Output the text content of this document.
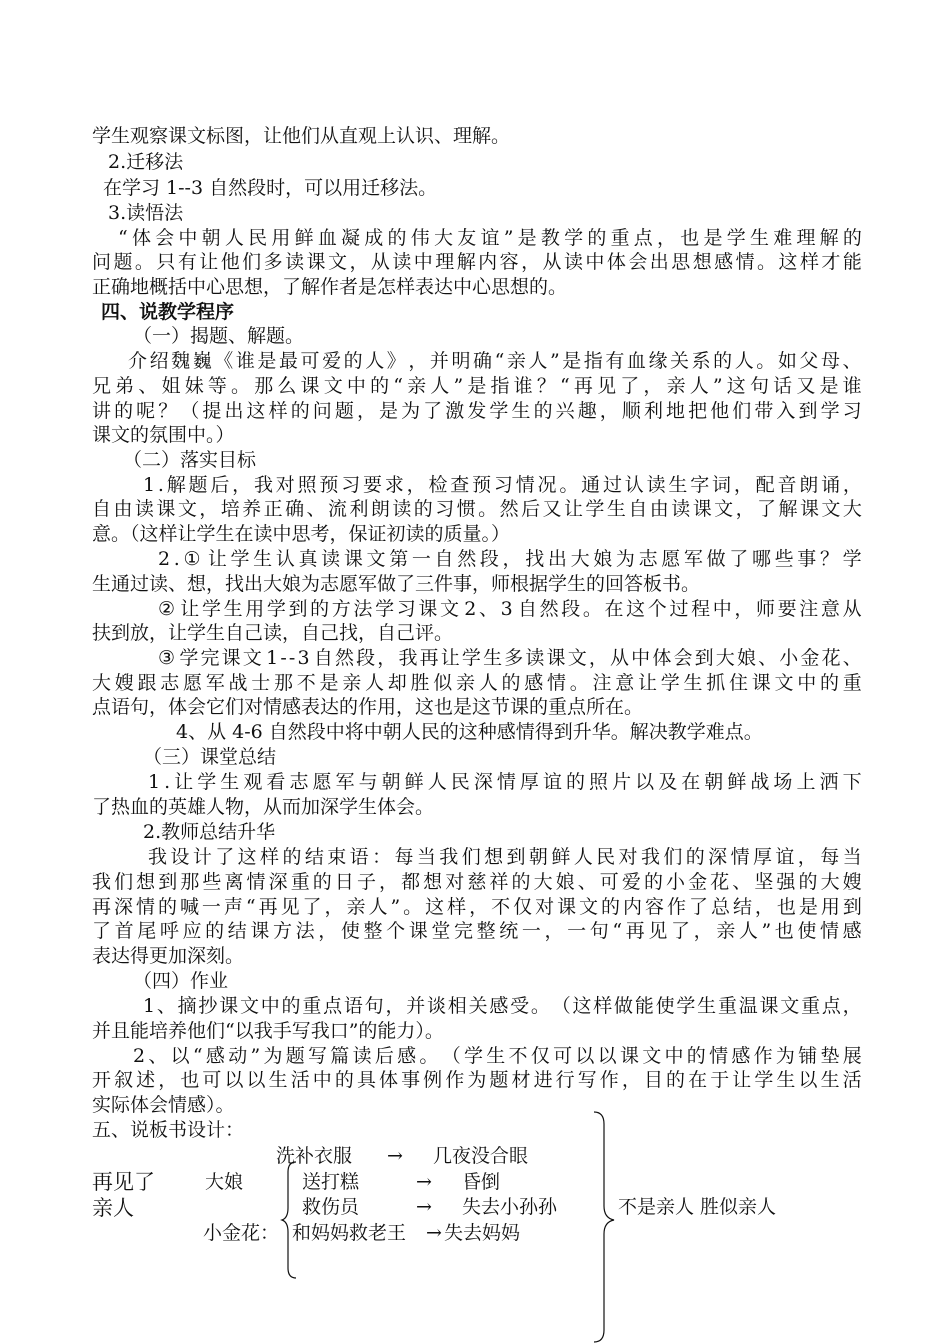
学生观察课文标图，让他们从直观上认识、理解。
2.迁移法
在学习 1--3 自然段时，可以用迁移法。
3.读悟法
“ 体 会 中 朝 人 民 用 鲜 血 凝 成 的 伟 大 友 谊 ” 是 教 学 的 重 点 ， 也 是 学 生 难 理 解 的
问 题 。 只 有 让 他 们 多 读 课 文 ， 从 读 中 理 解 内 容 ， 从 读 中 体 会 出 思 想 感 情 。 这 样 才 能
正确地概括中心思想，了解作者是怎样表达中心思想的。
四、说教学程序
（一）揭题、解题。
介 绍 魏 巍 《 谁 是 最 可 爱 的 人 》 ， 并 明 确 “ 亲 人 ” 是 指 有 血 缘 关 系 的 人 。 如 父 母 、
兄 弟 、 姐 妹 等 。 那 么 课 文 中 的 “ 亲 人 ” 是 指 谁 ？ “ 再 见 了 ， 亲 人 ” 这 句 话 又 是 谁
讲 的 呢 ？ （ 提 出 这 样 的 问 题 ， 是 为 了 激 发 学 生 的 兴 趣 ， 顺 利 地 把 他 们 带 入 到 学 习
课文的氛围中。）
（二）落实目标
1 . 解 题 后 ， 我 对 照 预 习 要 求 ， 检 查 预 习 情 况 。 通 过 认 读 生 字 词 ， 配 音 朗 诵 ，
自 由 读 课 文 ， 培 养 正 确 、 流 利 朗 读 的 习 惯 。 然 后 又 让 学 生 自 由 读 课 文 ， 了 解 课 文 大
意。（这样让学生在读中思考，保证初读的质量。）
2 . ① 让 学 生 认 真 读 课 文 第 一 自 然 段 ， 找 出 大 娘 为 志 愿 军 做 了 哪 些 事 ？ 学
生通过读、想，找出大娘为志愿军做了三件事，师根据学生的回答板书。
② 让 学 生 用 学 到 的 方 法 学 习 课 文 2 、 3 自 然 段 。 在 这 个 过 程 中 ， 师 要 注 意 从
扶到放，让学生自己读，自己找，自己评。
③ 学 完 课 文 1 - - 3 自 然 段 ， 我 再 让 学 生 多 读 课 文 ， 从 中 体 会 到 大 娘 、 小 金 花 、
大 嫂 跟 志 愿 军 战 士 那 不 是 亲 人 却 胜 似 亲 人 的 感 情 。 注 意 让 学 生 抓 住 课 文 中 的 重
点语句，体会它们对情感表达的作用，这也是这节课的重点所在。
4、从 4-6 自然段中将中朝人民的这种感情得到升华。解决教学难点。
（三）课堂总结
1 . 让 学 生 观 看 志 愿 军 与 朝 鲜 人 民 深 情 厚 谊 的 照 片 以 及 在 朝 鲜 战 场 上 洒 下
了热血的英雄人物，从而加深学生体会。
2.教师总结升华
我 设 计 了 这 样 的 结 束 语 ： 每 当 我 们 想 到 朝 鲜 人 民 对 我 们 的 深 情 厚 谊 ， 每 当
我 们 想 到 那 些 离 情 深 重 的 日 子 ， 都 想 对 慈 祥 的 大 娘 、 可 爱 的 小 金 花 、 坚 强 的 大 嫂
再 深 情 的 喊 一 声 “ 再 见 了 ， 亲 人 ” 。 这 样 ， 不 仅 对 课 文 的 内 容 作 了 总 结 ， 也 是 用 到
了 首 尾 呼 应 的 结 课 方 法 ， 使 整 个 课 堂 完 整 统 一 ， 一 句 “ 再 见 了 ， 亲 人 ” 也 使 情 感
表达得更加深刻。
（四）作业
1 、 摘 抄 课 文 中 的 重 点 语 句 ， 并 谈 相 关 感 受 。 （ 这 样 做 能 使 学 生 重 温 课 文 重 点 ，
并且能培养他们“以我手写我口”的能力）。
2 、 以 “ 感 动 ” 为 题 写 篇 读 后 感 。 （ 学 生 不 仅 可 以 以 课 文 中 的 情 感 作 为 铺 垫 展
开 叙 述 ， 也 可 以 以 生 活 中 的 具 体 事 例 作 为 题 材 进 行 写 作 ， 目 的 在 于 让 学 生 以 生 活
实际体会情感）。
五、说板书设计：
再见了
亲人
大娘
小金花：
洗补衣服 → 几夜没合眼
送打糕	→ 昏倒
救伤员	→ 失去小孙孙
和妈妈救老王 → 失去妈妈
不是亲人 胜似亲人
